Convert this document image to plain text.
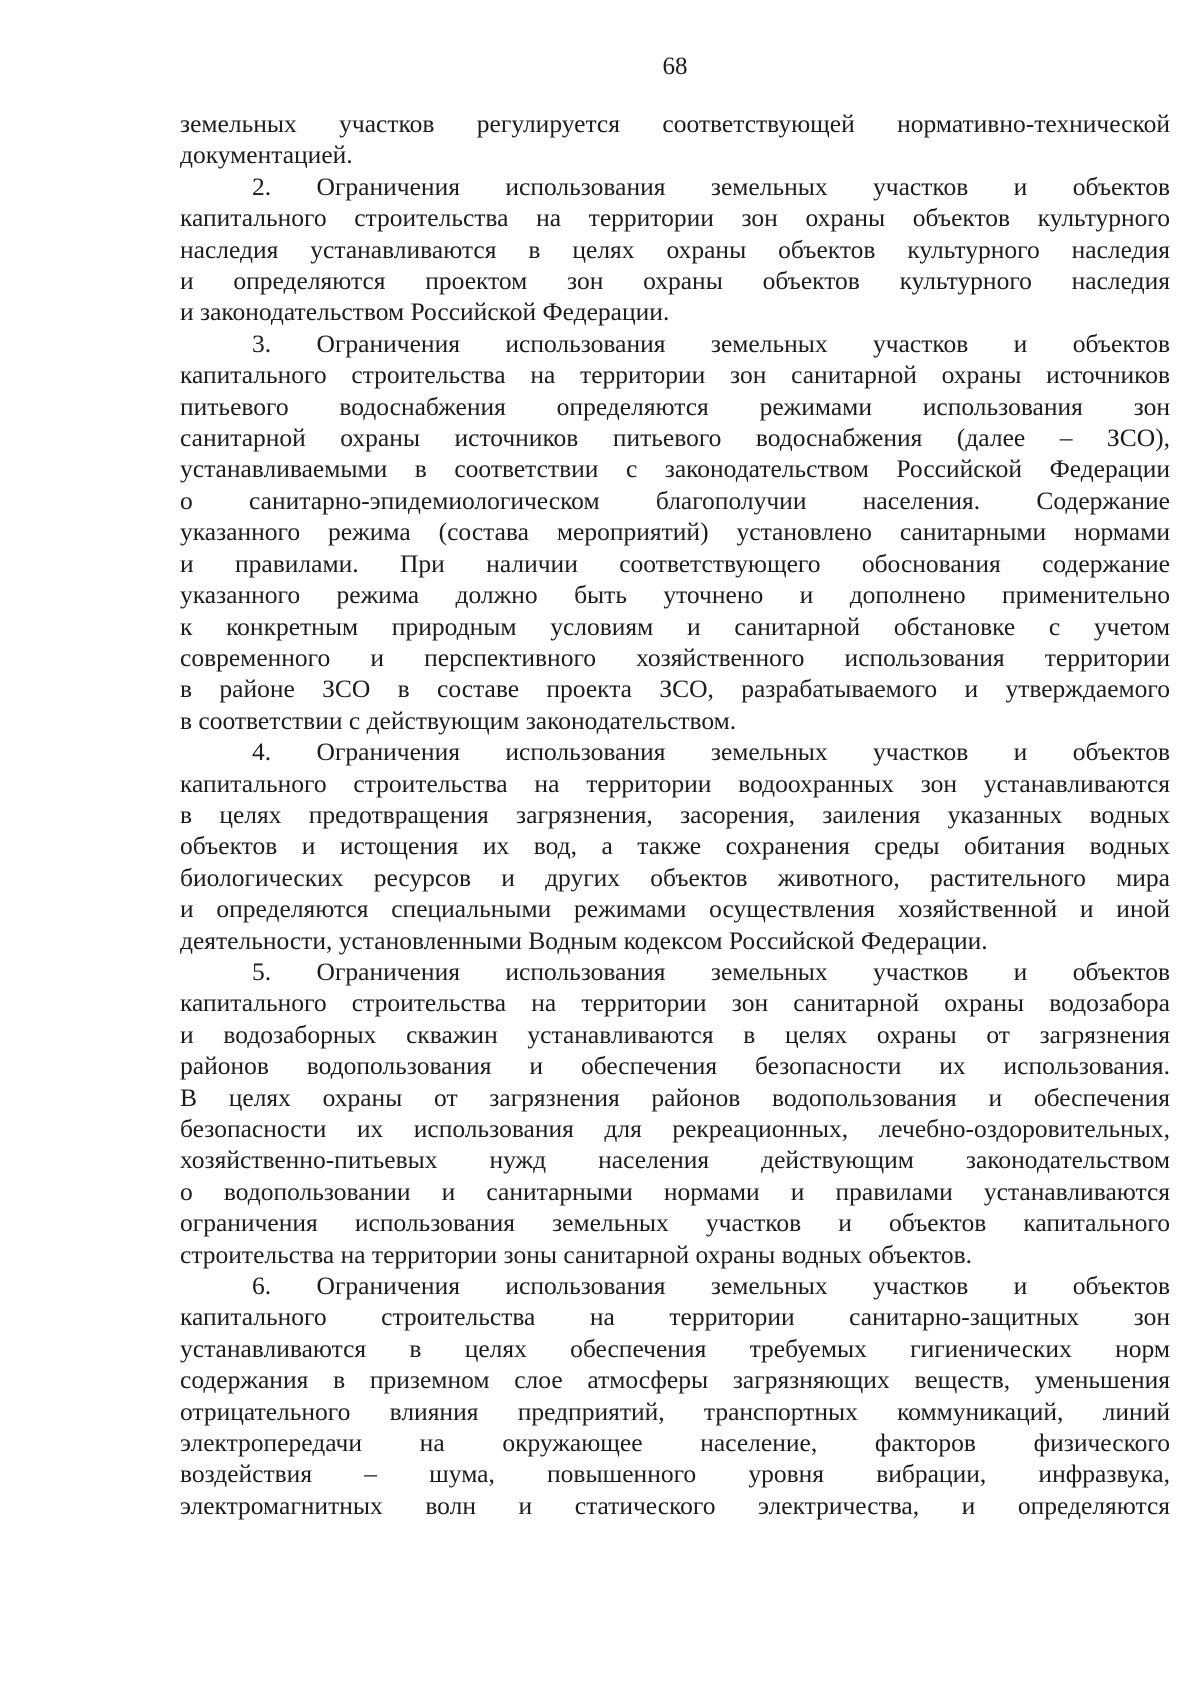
68

земельных участков регулируется соответствующей нормативно-технической
документацией.

2. Ограничения использования земельных участков и объектов
капитального строительства на территории зон охраны объектов культурного
наследия устанавливаются в целях охраны объектов культурного наследия
и определяются проектом зон охраны объектов культурного наследия
и законодательством Российской Федерации.

3. Ограничения использования земельных участков и объектов
капитального строительства на территории зон санитарной охраны источников
питьевого водоснабжения определяются режимами использования зон
санитарной охраны источников питьевого водоснабжения (далее – ЗСО),
устанавливаемыми в соответствии с законодательством Российской Федерации
о санитарно-эпидемиологическом благополучии населения. Содержание
указанного режима (состава мероприятий) установлено санитарными нормами
и правилами. При наличии соответствующего обоснования содержание
указанного режима должно быть уточнено и дополнено применительно
к конкретным природным условиям и санитарной обстановке с учетом
современного и перспективного хозяйственного использования территории
в районе ЗСО в составе проекта ЗСО, разрабатываемого и утверждаемого
в соответствии с действующим законодательством.

4. Ограничения использования земельных участков и объектов
капитального строительства на территории водоохранных зон устанавливаются
в целях предотвращения загрязнения, засорения, заиления указанных водных
объектов и истощения их вод, а также сохранения среды обитания водных
биологических ресурсов и других объектов животного, растительного мира
и определяются специальными режимами осуществления хозяйственной и иной
деятельности, установленными Водным кодексом Российской Федерации.

5. Ограничения использования земельных участков и объектов
капитального строительства на территории зон санитарной охраны водозабора
и водозаборных скважин устанавливаются в целях охраны от загрязнения
районов водопользования и обеспечения безопасности их использования.
В целях охраны от загрязнения районов водопользования и обеспечения
безопасности их использования для рекреационных, лечебно-оздоровительных,
хозяйственно-питьевых нужд населения действующим законодательством
о водопользовании и санитарными нормами и правилами устанавливаются
ограничения использования земельных участков и объектов капитального
строительства на территории зоны санитарной охраны водных объектов.

6. Ограничения использования земельных участков и объектов
капитального строительства на территории санитарно-защитных зон
устанавливаются в целях обеспечения требуемых гигиенических норм
содержания в приземном слое атмосферы загрязняющих веществ, уменьшения
отрицательного влияния предприятий, транспортных коммуникаций, линий
электропередачи на окружающее население, факторов физического
воздействия – шума, повышенного уровня вибрации, инфразвука,
электромагнитных волн и статического электричества, и определяются
